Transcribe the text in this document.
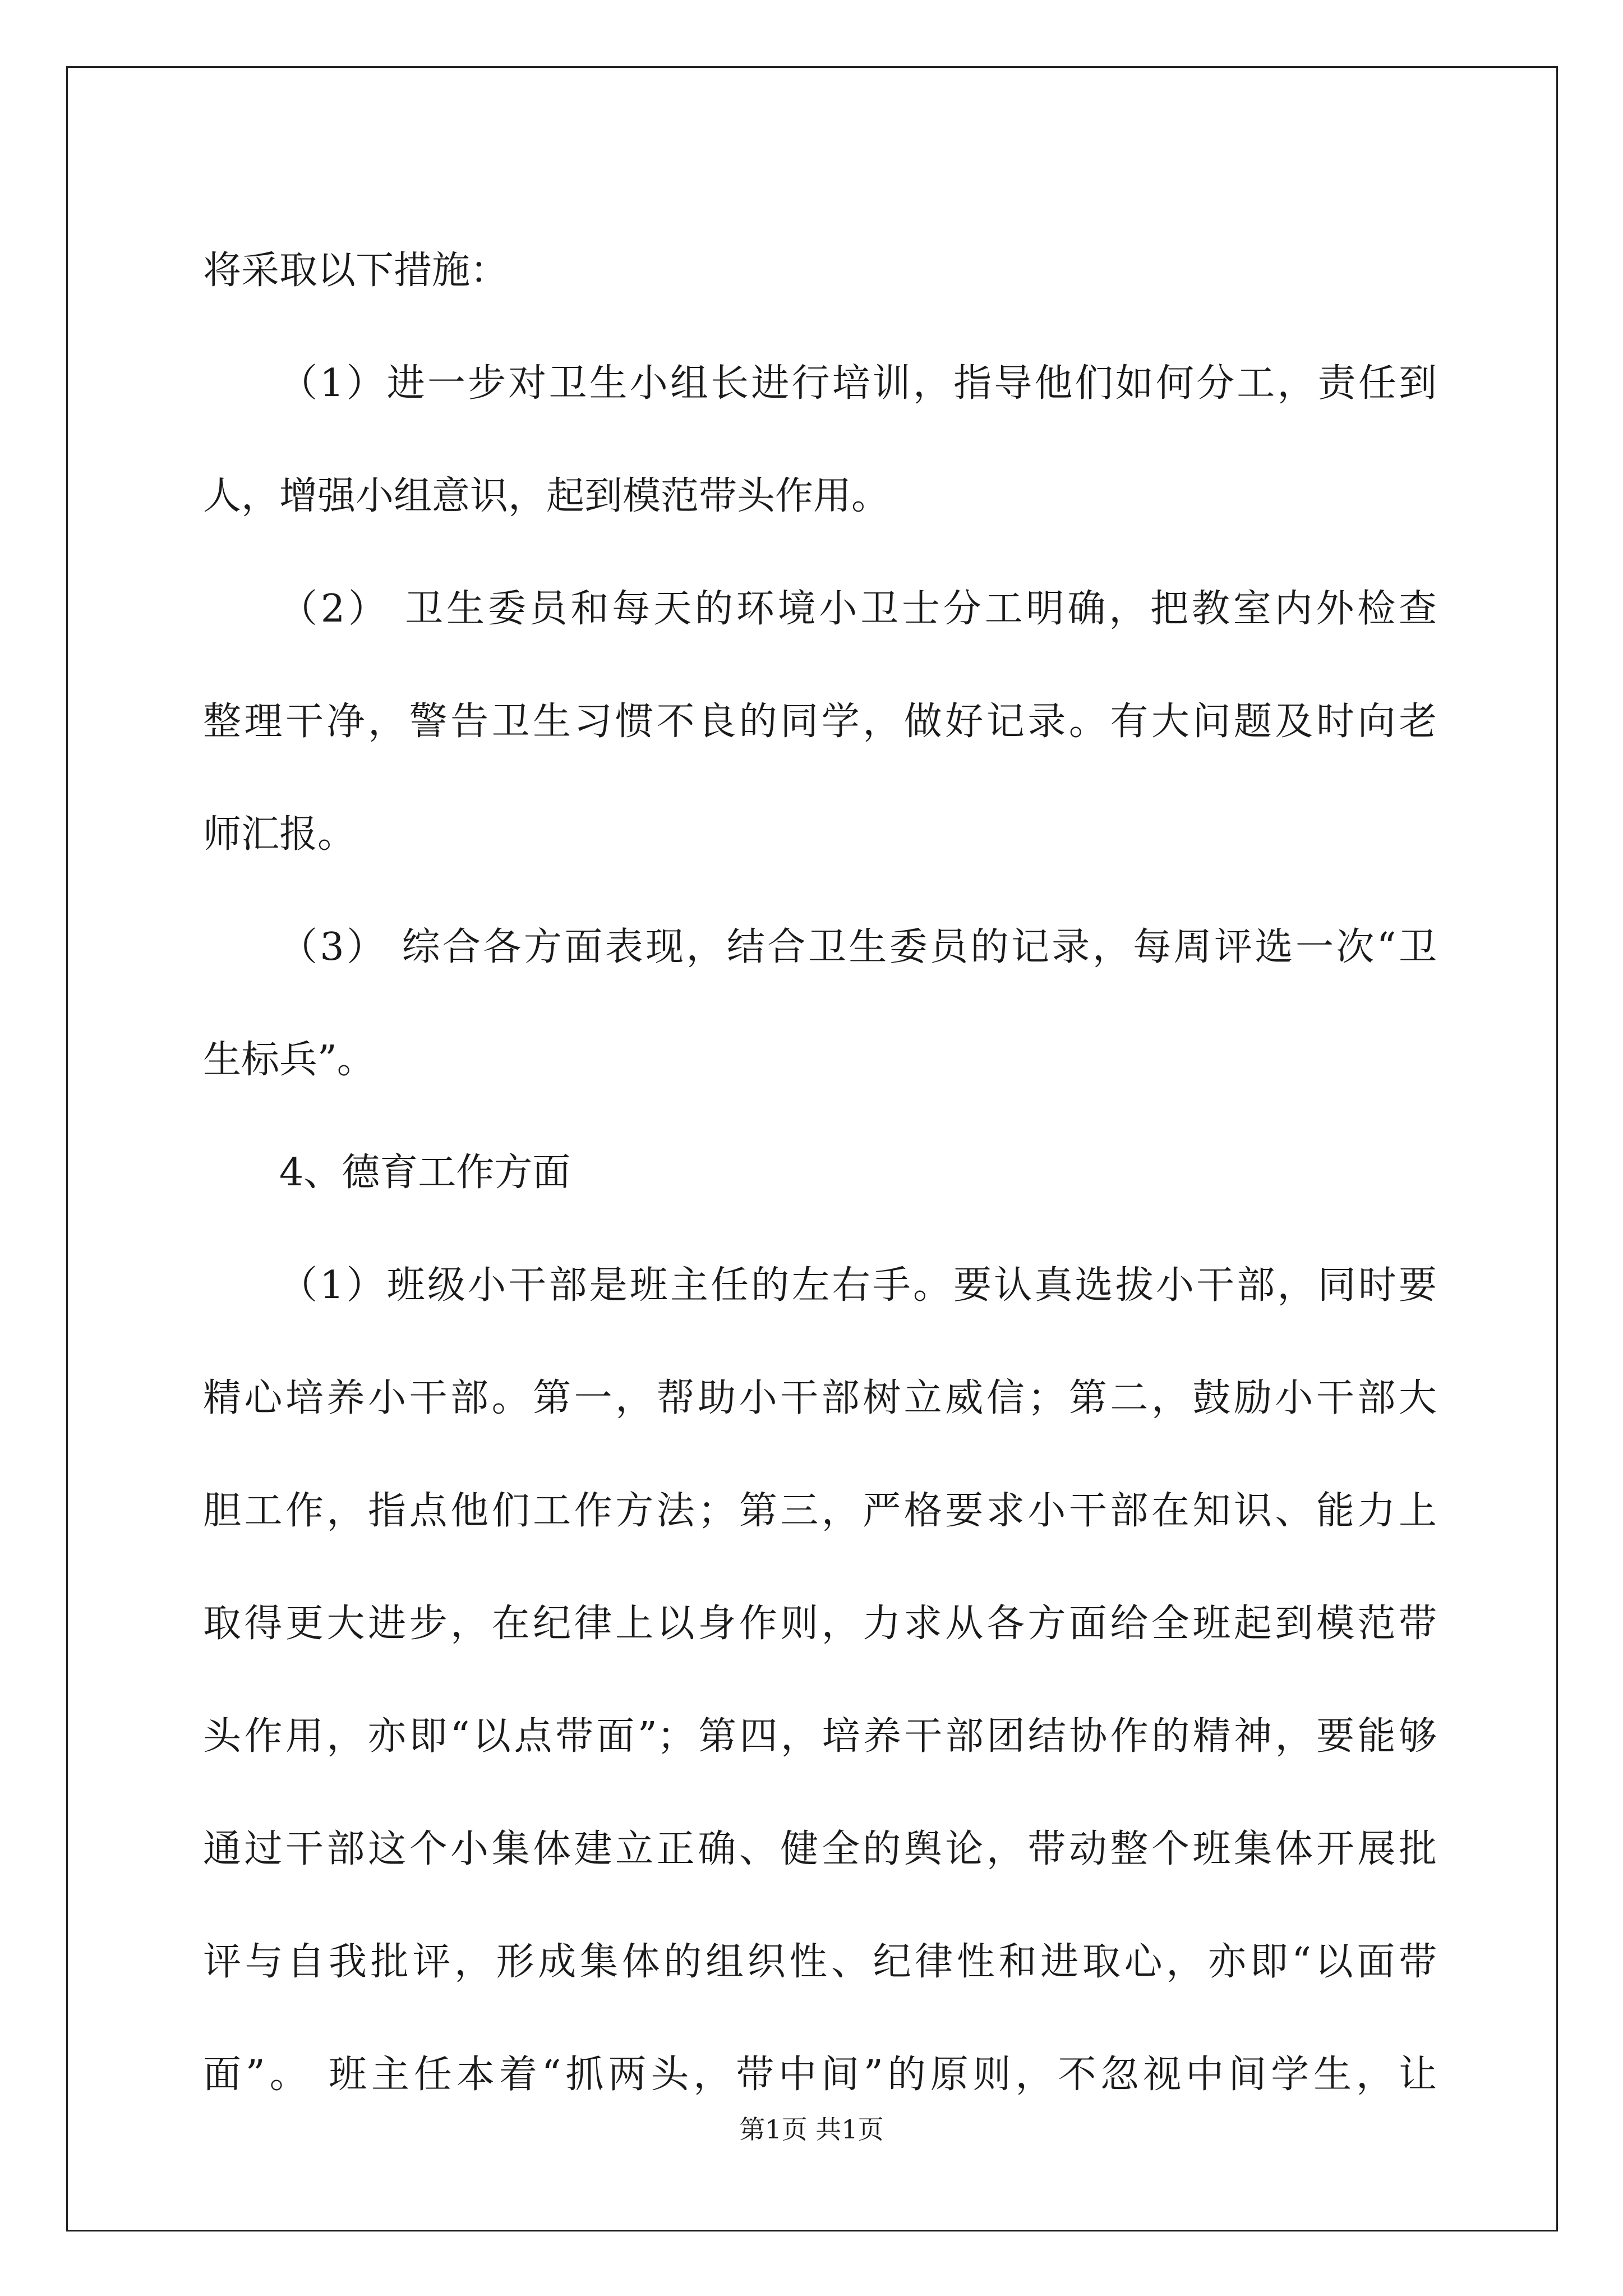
将采取以下措施：
（1）进一步对卫生小组长进行培训，指导他们如何分工，责任到
人，增强小组意识，起到模范带头作用。
（2） 卫生委员和每天的环境小卫士分工明确，把教室内外检查
整理干净，警告卫生习惯不良的同学，做好记录。有大问题及时向老
师汇报。
（3） 综合各方面表现，结合卫生委员的记录，每周评选一次“卫
生标兵”。
4、德育工作方面
（1）班级小干部是班主任的左右手。要认真选拔小干部，同时要
精心培养小干部。第一，帮助小干部树立威信；第二，鼓励小干部大
胆工作，指点他们工作方法；第三，严格要求小干部在知识、能力上
取得更大进步，在纪律上以身作则，力求从各方面给全班起到模范带
头作用，亦即“以点带面”；第四，培养干部团结协作的精神，要能够
通过干部这个小集体建立正确、健全的舆论，带动整个班集体开展批
评与自我批评，形成集体的组织性、纪律性和进取心，亦即“以面带
面”。 班主任本着“抓两头，带中间”的原则，不忽视中间学生，让
第1页 共1页
